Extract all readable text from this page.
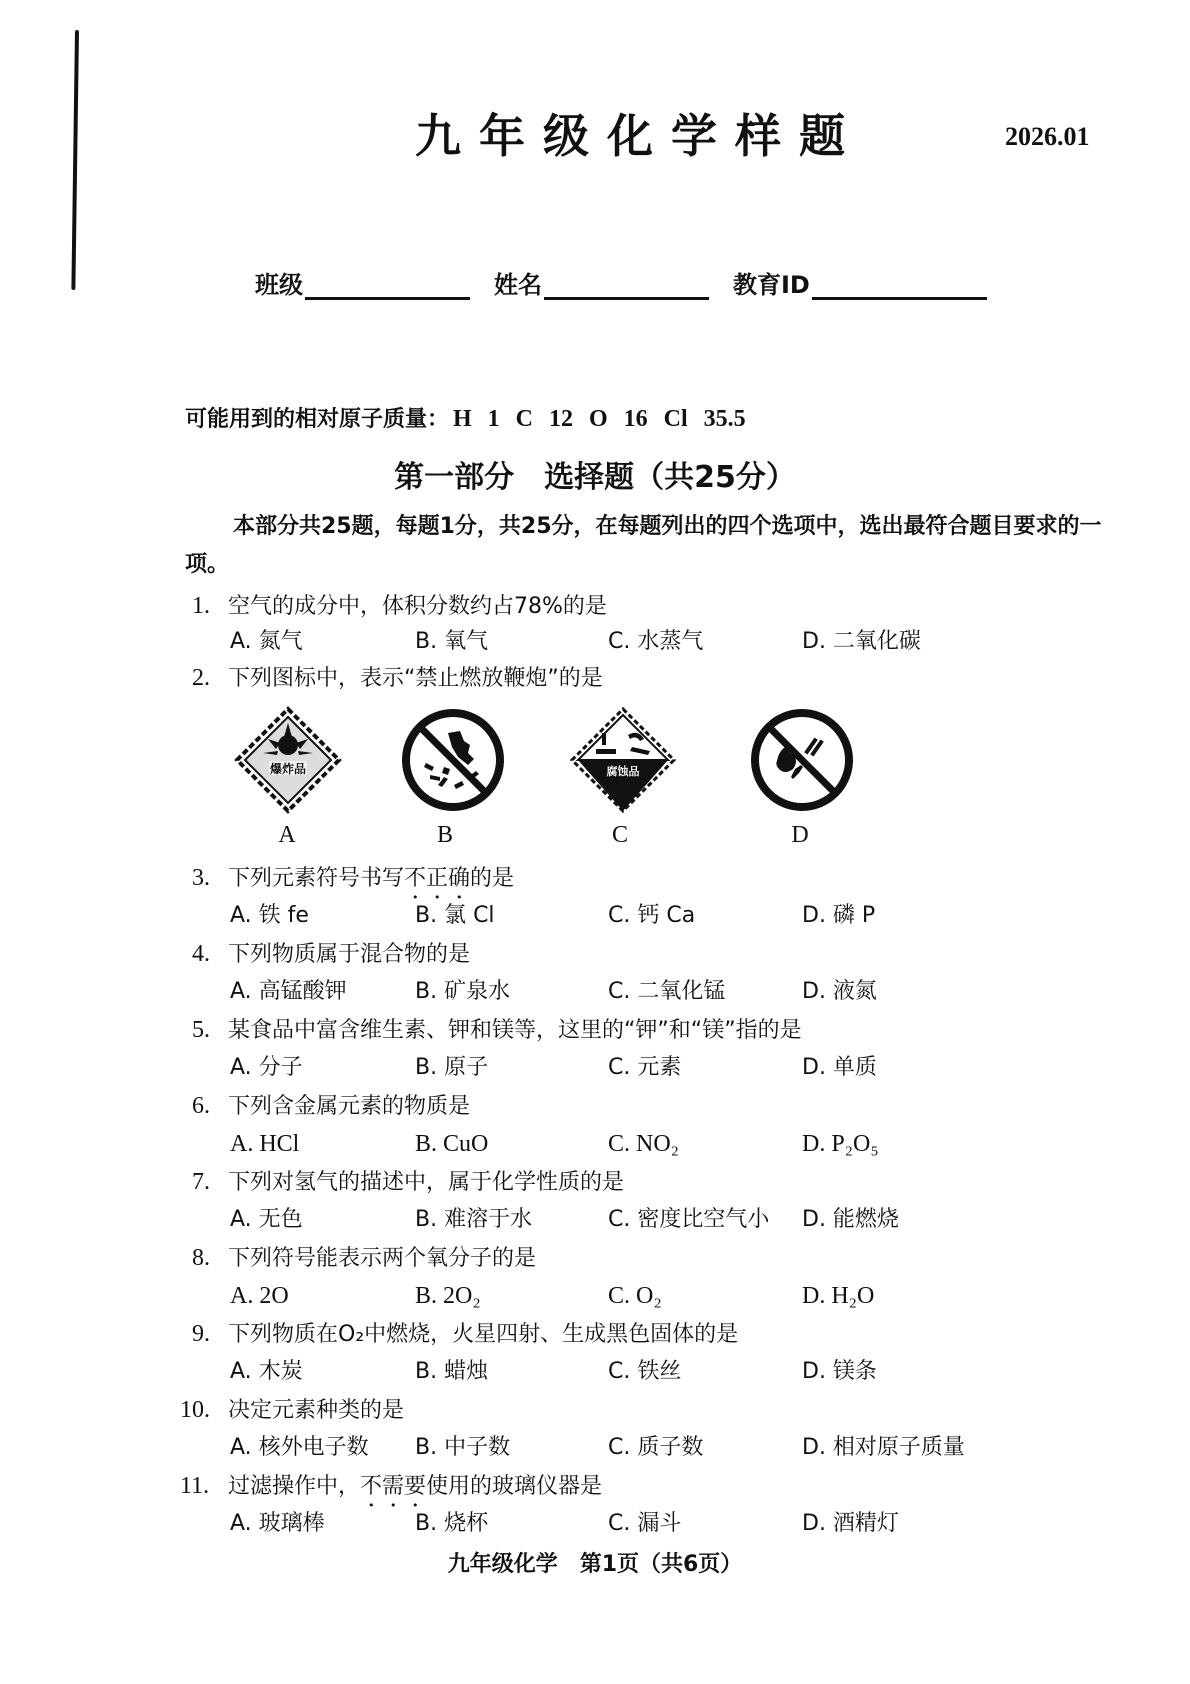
九年级化学样题	2026.01
班级	姓名	教育ID
可能用到的相对原子质量： H 1 C 12 O 16 Cl 35.5
第一部分　选择题（共25分）
本部分共25题，每题1分，共25分，在每题列出的四个选项中，选出最符合题目要求的一项。
1. 空气的成分中，体积分数约占78%的是
A. 氮气	B. 氧气	C. 水蒸气	D. 二氧化碳
2. 下列图标中，表示“禁止燃放鞭炮”的是
爆炸品	腐蚀品
A	B	C	D
3. 下列元素符号书写不正确的是
A. 铁 fe	B. 氯 Cl	C. 钙 Ca	D. 磷 P
4. 下列物质属于混合物的是
A. 高锰酸钾	B. 矿泉水	C. 二氧化锰	D. 液氮
5. 某食品中富含维生素、钾和镁等，这里的“钾”和“镁”指的是
A. 分子	B. 原子	C. 元素	D. 单质
6. 下列含金属元素的物质是
A. HCl	B. CuO	C. NO₂	D. P₂O₅
7. 下列对氢气的描述中，属于化学性质的是
A. 无色	B. 难溶于水	C. 密度比空气小 D. 能燃烧
8. 下列符号能表示两个氧分子的是
A. 2O	B. 2O₂	C. O₂	D. H₂O
9. 下列物质在O₂中燃烧，火星四射、生成黑色固体的是
A. 木炭	B. 蜡烛	C. 铁丝	D. 镁条
10. 决定元素种类的是
A. 核外电子数 B. 中子数	C. 质子数	D. 相对原子质量
11. 过滤操作中，不需要使用的玻璃仪器是
A. 玻璃棒	B. 烧杯	C. 漏斗	D. 酒精灯
九年级化学　第1页（共6页）
